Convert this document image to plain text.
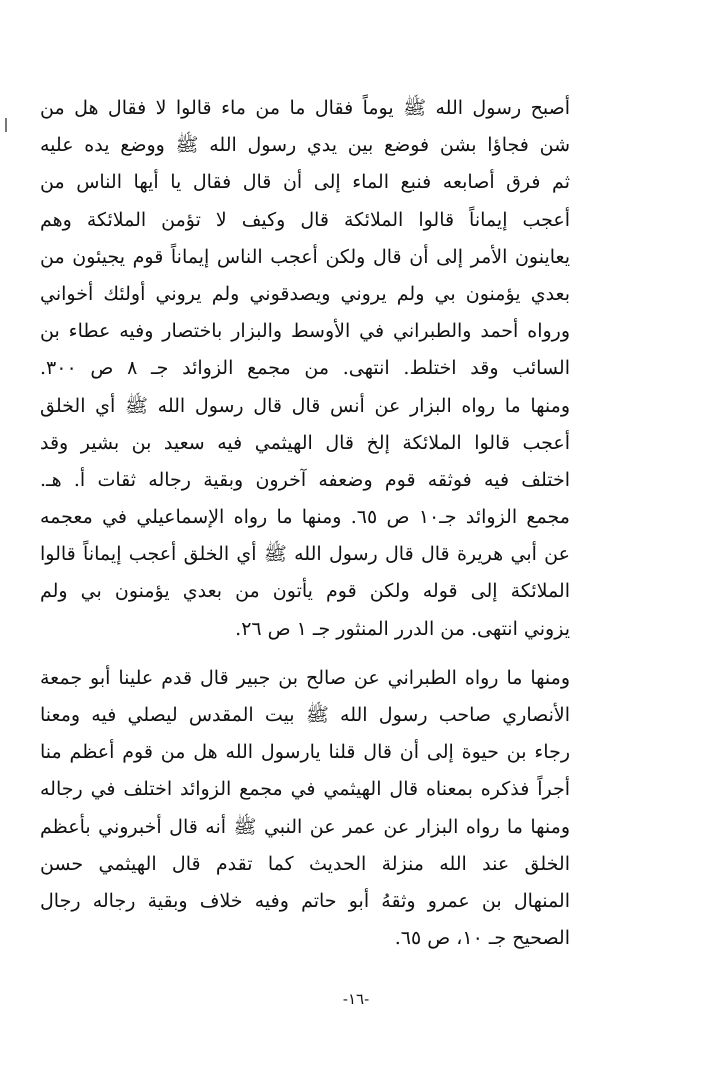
أصبح رسول الله ﷺ يوماً فقال ما من ماء قالوا لا فقال هل من
شن فجاؤا بشن فوضع بين يدي رسول الله ﷺ ووضع يده عليه
ثم فرق أصابعه فنبع الماء إلى أن قال فقال يا أيها الناس من
أعجب إيماناً قالوا الملائكة قال وكيف لا تؤمن الملائكة وهم
يعاينون الأمر إلى أن قال ولكن أعجب الناس إيماناً قوم يجيئون من
بعدي يؤمنون بي ولم يروني ويصدقوني ولم يروني أولئك أخواني
ورواه أحمد والطبراني في الأوسط والبزار باختصار وفيه عطاء بن
السائب وقد اختلط. انتهى. من مجمع الزوائد جـ ٨ ص ٣٠٠.
ومنها ما رواه البزار عن أنس قال قال رسول الله ﷺ أي الخلق
أعجب قالوا الملائكة إلخ قال الهيثمي فيه سعيد بن بشير وقد
اختلف فيه فوثقه قوم وضعفه آخرون وبقية رجاله ثقات أ. هـ.
مجمع الزوائد جـ١٠ ص ٦٥. ومنها ما رواه الإسماعيلي في معجمه
عن أبي هريرة قال قال رسول الله ﷺ أي الخلق أعجب إيماناً قالوا
الملائكة إلى قوله ولكن قوم يأتون من بعدي يؤمنون بي ولم
يزوني انتهى. من الدرر المنثور جـ ١ ص ٢٦.
ومنها ما رواه الطبراني عن صالح بن جبير قال قدم علينا أبو جمعة
الأنصاري صاحب رسول الله ﷺ بيت المقدس ليصلي فيه ومعنا
رجاء بن حيوة إلى أن قال قلنا يارسول الله هل من قوم أعظم منا
أجراً فذكره بمعناه قال الهيثمي في مجمع الزوائد اختلف في رجاله
ومنها ما رواه البزار عن عمر عن النبي ﷺ أنه قال أخبروني بأعظم
الخلق عند الله منزلة الحديث كما تقدم قال الهيثمي حسن
المنهال بن عمرو وثقهُ أبو حاتم وفيه خلاف وبقية رجاله رجال
الصحيح جـ ١٠، ص ٦٥.
-١٦-
